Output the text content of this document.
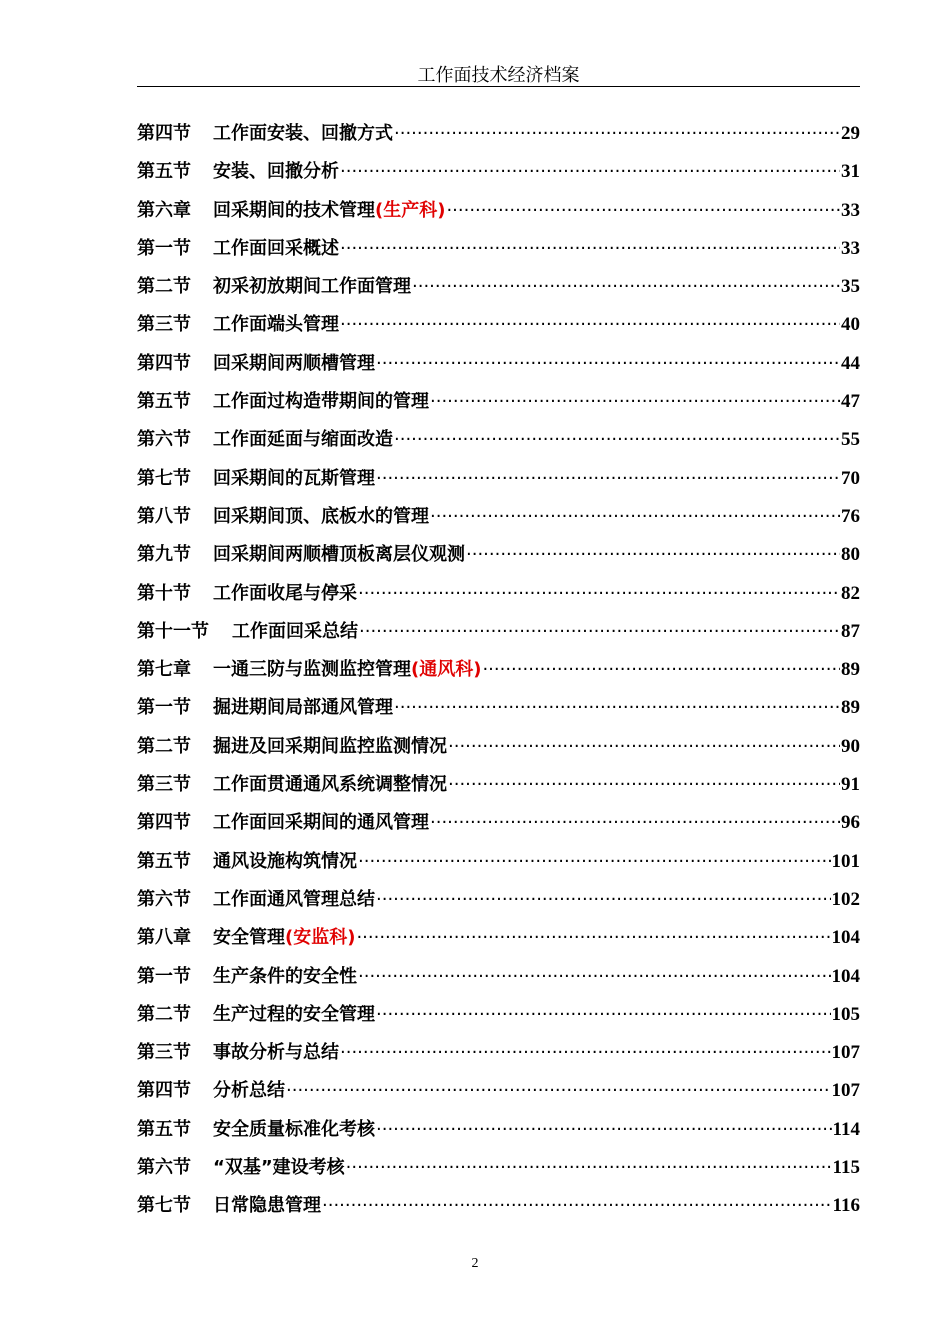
工作面技术经济档案
第四节	工作面安装、回撤方式 ·····	29
第五节	安装、回撤分析 ·····	31
第六章	回采期间的技术管理(生产科) ·····	33
第一节	工作面回采概述 ·····	33
第二节	初采初放期间工作面管理 ·····	35
第三节	工作面端头管理 ·····	40
第四节	回采期间两顺槽管理 ·····	44
第五节	工作面过构造带期间的管理 ·····	47
第六节	工作面延面与缩面改造 ·····	55
第七节	回采期间的瓦斯管理 ·····	70
第八节	回采期间顶、底板水的管理 ·····	76
第九节	回采期间两顺槽顶板离层仪观测 ·····	80
第十节	工作面收尾与停采 ·····	82
第十一节	工作面回采总结 ·····	87
第七章	一通三防与监测监控管理(通风科) ·····	89
第一节	掘进期间局部通风管理 ·····	89
第二节	掘进及回采期间监控监测情况 ·····	90
第三节	工作面贯通通风系统调整情况 ·····	91
第四节	工作面回采期间的通风管理 ·····	96
第五节	通风设施构筑情况 ·····	101
第六节	工作面通风管理总结 ·····	102
第八章	安全管理(安监科) ·····	104
第一节	生产条件的安全性 ·····	104
第二节	生产过程的安全管理 ·····	105
第三节	事故分析与总结 ·····	107
第四节	分析总结 ·····	107
第五节	安全质量标准化考核 ·····	114
第六节	“双基”建设考核 ·····	115
第七节	日常隐患管理 ·····	116
2
